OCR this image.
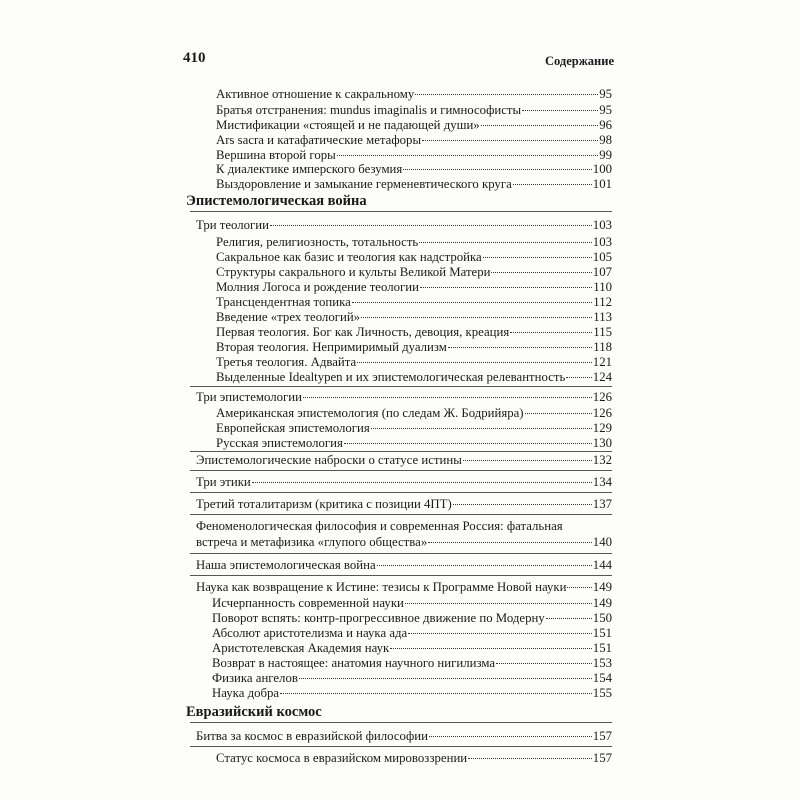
410	Содержание
Активное отношение к сакральному	95
Братья отстранения: mundus imaginalis и гимнософисты	95
Мистификации «стоящей и не падающей души»	96
Ars sacra и катафатические метафоры	98
Вершина второй горы	99
К диалектике имперского безумия	100
Выздоровление и замыкание герменевтического круга	101
Эпистемологическая война
Три теологии	103
Религия, религиозность, тотальность	103
Сакральное как базис и теология как надстройка	105
Структуры сакрального и культы Великой Матери	107
Молния Логоса и рождение теологии	110
Трансцендентная топика	112
Введение «трех теологий»	113
Первая теология. Бог как Личность, девоция, креация	115
Вторая теология. Непримиримый дуализм	118
Третья теология. Адвайта	121
Выделенные Idealtypen и их эпистемологическая релевантность 124
Три эпистемологии	126
Американская эпистемология (по следам Ж. Бодрийяра)	126
Европейская эпистемология	129
Русская эпистемология	130
Эпистемологические наброски о статусе истины	132
Три этики	134
Третий тоталитаризм (критика с позиции 4ПТ)	137
Феноменологическая философия и современная Россия: фатальная
встреча и метафизика «глупого общества»	140
Наша эпистемологическая война	144
Наука как возвращение к Истине: тезисы к Программе Новой науки 149
Исчерпанность современной науки	149
Поворот вспять: контр-прогрессивное движение по Модерну	150
Абсолют аристотелизма и наука ада	151
Аристотелевская Академия наук	151
Возврат в настоящее: анатомия научного нигилизма	153
Физика ангелов	154
Наука добра	155
Евразийский космос
Битва за космос в евразийской философии	157
Статус космоса в евразийском мировоззрении	157
